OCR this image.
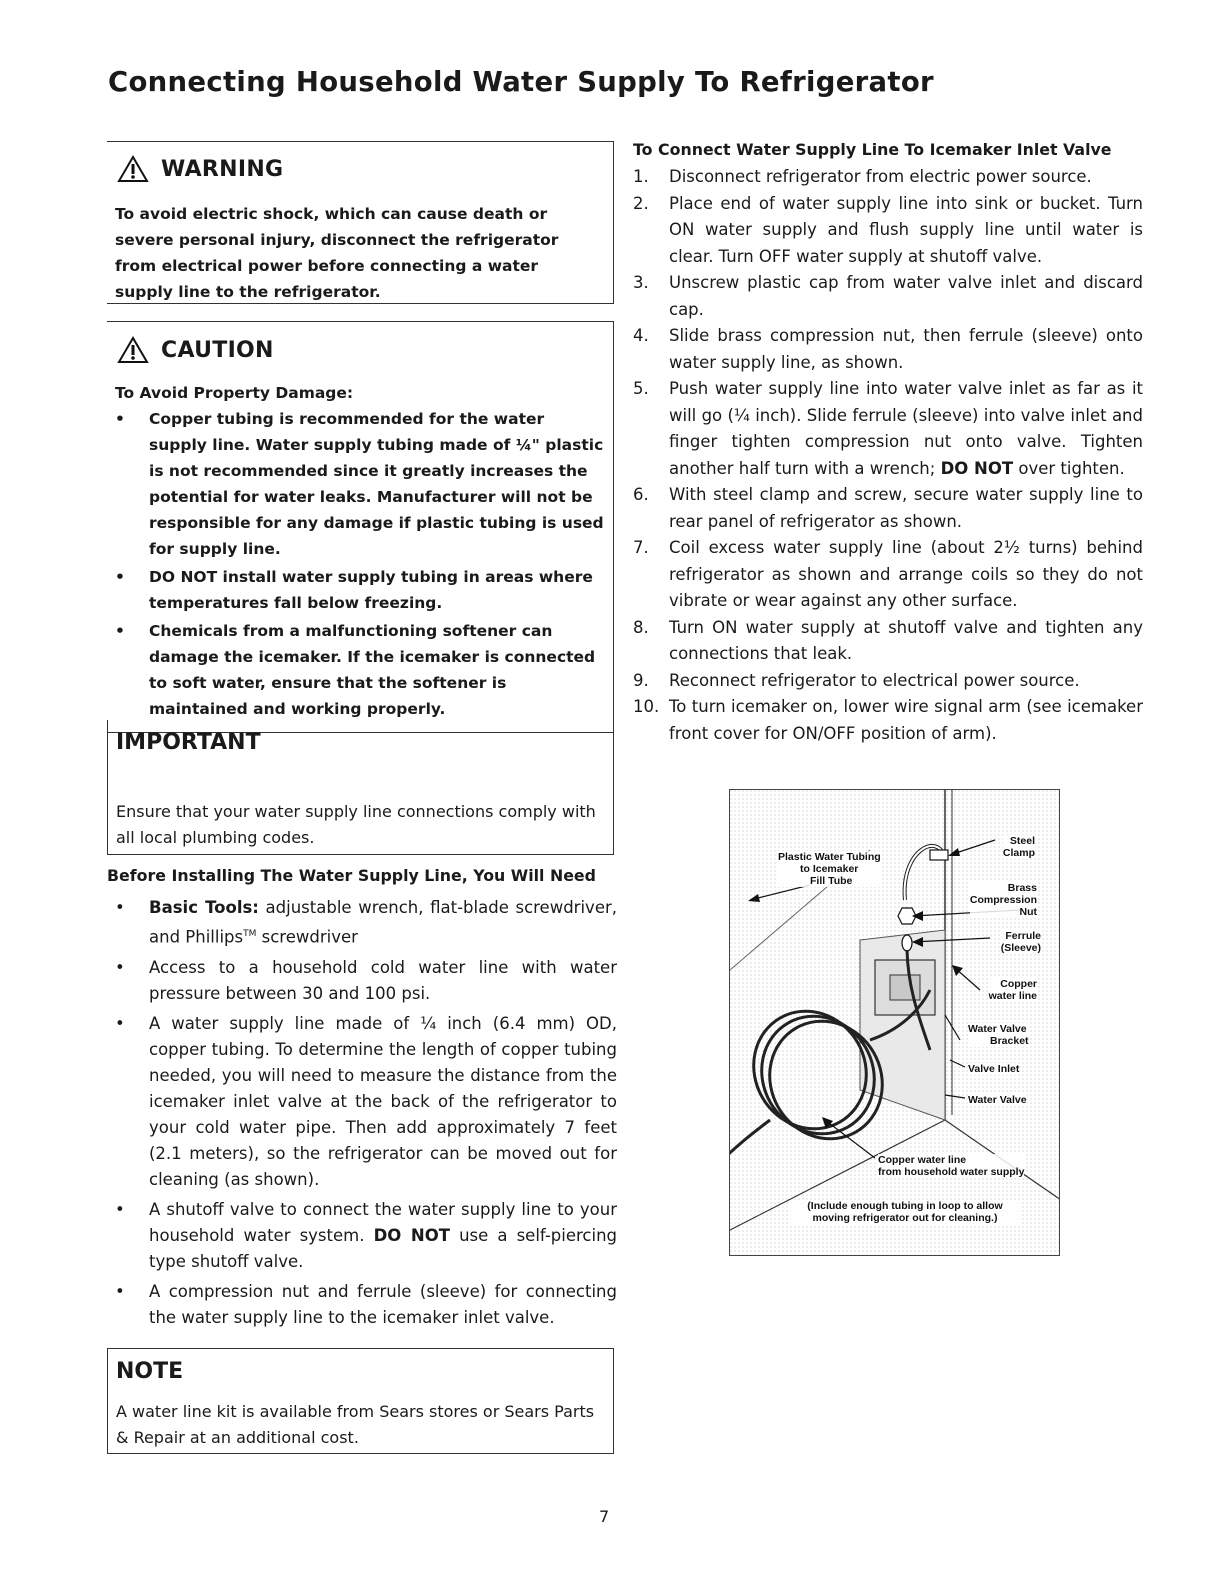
Connecting Household Water Supply To Refrigerator
WARNING

To avoid electric shock, which can cause death or severe personal injury, disconnect the refrigerator from electrical power before connecting a water supply line to the refrigerator.

CAUTION

To Avoid Property Damage:

• Copper tubing is recommended for the water supply line. Water supply tubing made of ¼" plastic is not recommended since it greatly increases the potential for water leaks. Manufacturer will not be responsible for any damage if plastic tubing is used for supply line.
• DO NOT install water supply tubing in areas where temperatures fall below freezing.
• Chemicals from a malfunctioning softener can damage the icemaker. If the icemaker is connected to soft water, ensure that the softener is maintained and working properly.
IMPORTANT

Ensure that your water supply line connections comply with all local plumbing codes.

Before Installing The Water Supply Line, You Will Need
• Basic Tools: adjustable wrench, flat-blade screwdriver, and Phillips™ screwdriver
• Access to a household cold water line with water pressure between 30 and 100 psi.
• A water supply line made of ¼ inch (6.4 mm) OD, copper tubing. To determine the length of copper tubing needed, you will need to measure the distance from the icemaker inlet valve at the back of the refrigerator to your cold water pipe. Then add approximately 7 feet (2.1 meters), so the refrigerator can be moved out for cleaning (as shown).
• A shutoff valve to connect the water supply line to your household water system. DO NOT use a self-piercing type shutoff valve.
• A compression nut and ferrule (sleeve) for connecting the water supply line to the icemaker inlet valve.
NOTE

A water line kit is available from Sears stores or Sears Parts & Repair at an additional cost.

To Connect Water Supply Line To Icemaker Inlet Valve
1. Disconnect refrigerator from electric power source.
2. Place end of water supply line into sink or bucket. Turn ON water supply and flush supply line until water is clear. Turn OFF water supply at shutoff valve.
3. Unscrew plastic cap from water valve inlet and discard cap.
4. Slide brass compression nut, then ferrule (sleeve) onto water supply line, as shown.
5. Push water supply line into water valve inlet as far as it will go (¼ inch). Slide ferrule (sleeve) into valve inlet and finger tighten compression nut onto valve. Tighten another half turn with a wrench; DO NOT over tighten.
6. With steel clamp and screw, secure water supply line to rear panel of refrigerator as shown.
7. Coil excess water supply line (about 2½ turns) behind refrigerator as shown and arrange coils so they do not vibrate or wear against any other surface.
8. Turn ON water supply at shutoff valve and tighten any connections that leak.
9. Reconnect refrigerator to electrical power source.
10. To turn icemaker on, lower wire signal arm (see icemaker front cover for ON/OFF position of arm).
Plastic Water Tubing
to Icemaker
Fill Tube
Steel
Clamp
Brass
Compression
Nut
Ferrule
(Sleeve)
Copper
water line
Water Valve
Bracket
Valve Inlet
Water Valve
Copper water line
from household water supply
(Include enough tubing in loop to allow
moving refrigerator out for cleaning.)
7
